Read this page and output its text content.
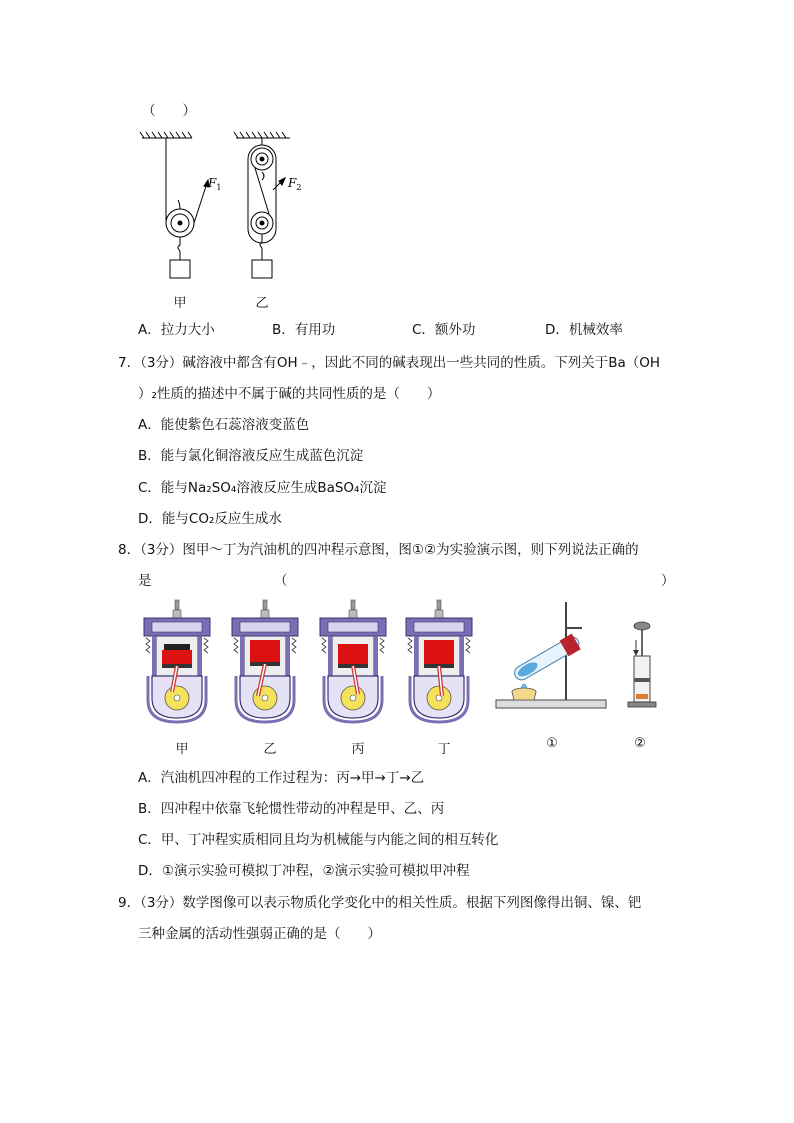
（　　）
$F_1$	$F_2$
甲	乙
A．拉力大小	B．有用功	C．额外功	D．机械效率
7．（3分）碱溶液中都含有OH﹣，因此不同的碱表现出一些共同的性质。下列关于Ba（OH
）₂性质的描述中不属于碱的共同性质的是（　　）
A．能使紫色石蕊溶液变蓝色
B．能与氯化铜溶液反应生成蓝色沉淀
C．能与Na₂SO₄溶液反应生成BaSO₄沉淀
D．能与CO₂反应生成水
8．（3分）图甲～丁为汽油机的四冲程示意图，图①②为实验演示图，则下列说法正确的
是	（	）
甲	乙	丙	丁	①	②
A．汽油机四冲程的工作过程为：丙→甲→丁→乙
B．四冲程中依靠飞轮惯性带动的冲程是甲、乙、丙
C．甲、丁冲程实质相同且均为机械能与内能之间的相互转化
D．①演示实验可模拟丁冲程，②演示实验可模拟甲冲程
9．（3分）数学图像可以表示物质化学变化中的相关性质。根据下列图像得出铜、镍、钯
三种金属的活动性强弱正确的是（　　）
